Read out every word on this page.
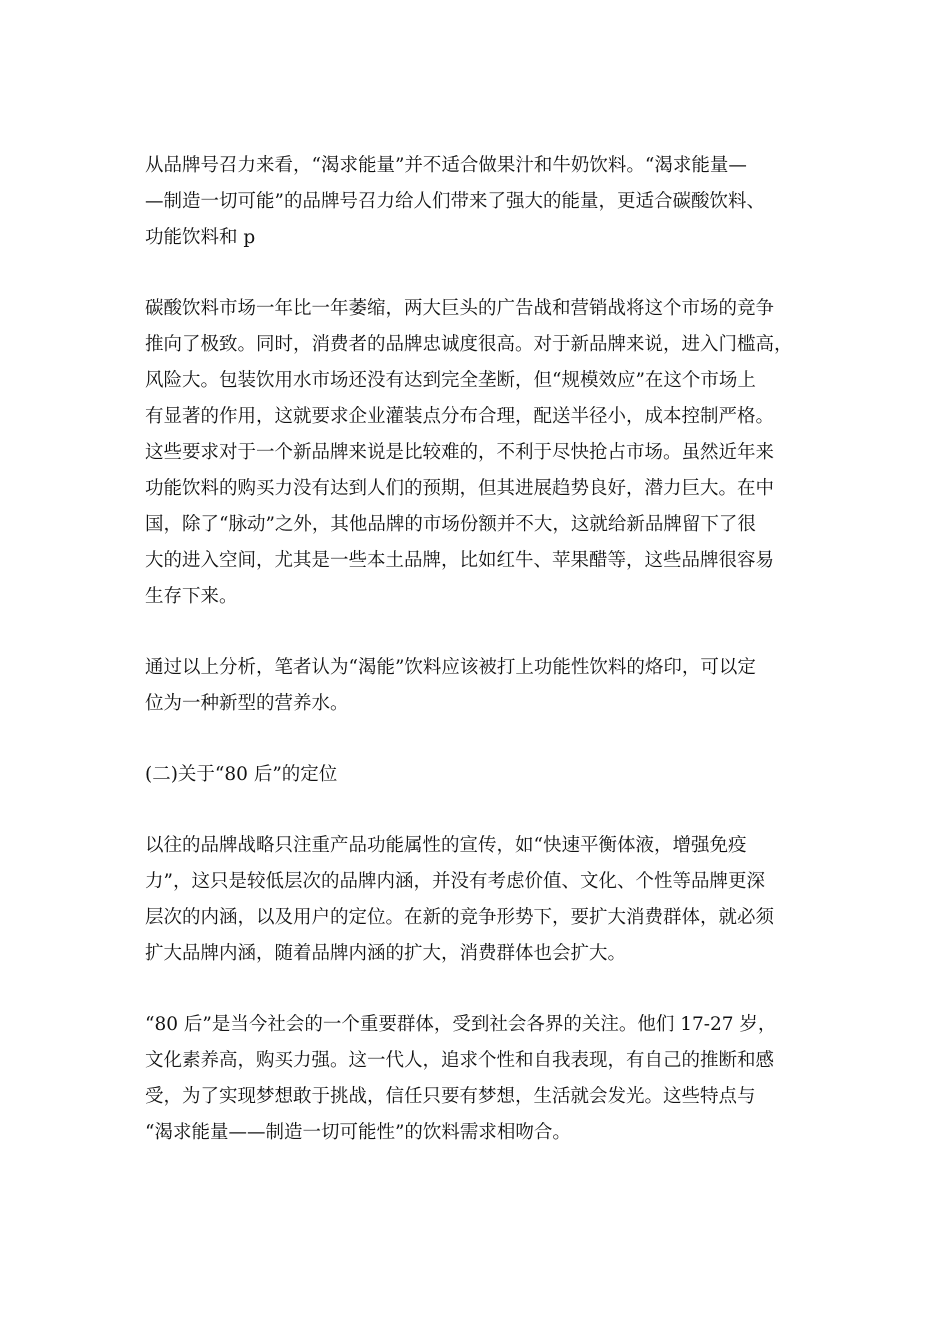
从品牌号召力来看，“渴求能量”并不适合做果汁和牛奶饮料。“渴求能量—
—制造一切可能”的品牌号召力给人们带来了强大的能量，更适合碳酸饮料、
功能饮料和 p
碳酸饮料市场一年比一年萎缩，两大巨头的广告战和营销战将这个市场的竞争
推向了极致。同时，消费者的品牌忠诚度很高。对于新品牌来说，进入门槛高，
风险大。包装饮用水市场还没有达到完全垄断，但“规模效应”在这个市场上
有显著的作用，这就要求企业灌装点分布合理，配送半径小，成本控制严格。
这些要求对于一个新品牌来说是比较难的，不利于尽快抢占市场。虽然近年来
功能饮料的购买力没有达到人们的预期，但其进展趋势良好，潜力巨大。在中
国，除了“脉动”之外，其他品牌的市场份额并不大，这就给新品牌留下了很
大的进入空间，尤其是一些本土品牌，比如红牛、苹果醋等，这些品牌很容易
生存下来。
通过以上分析，笔者认为“渴能”饮料应该被打上功能性饮料的烙印，可以定
位为一种新型的营养水。
(二)关于“80 后”的定位
以往的品牌战略只注重产品功能属性的宣传，如“快速平衡体液，增强免疫
力”，这只是较低层次的品牌内涵，并没有考虑价值、文化、个性等品牌更深
层次的内涵，以及用户的定位。在新的竞争形势下，要扩大消费群体，就必须
扩大品牌内涵，随着品牌内涵的扩大，消费群体也会扩大。
“80 后”是当今社会的一个重要群体，受到社会各界的关注。他们 17-27 岁，
文化素养高，购买力强。这一代人，追求个性和自我表现，有自己的推断和感
受，为了实现梦想敢于挑战，信任只要有梦想，生活就会发光。这些特点与
“渴求能量——制造一切可能性”的饮料需求相吻合。
